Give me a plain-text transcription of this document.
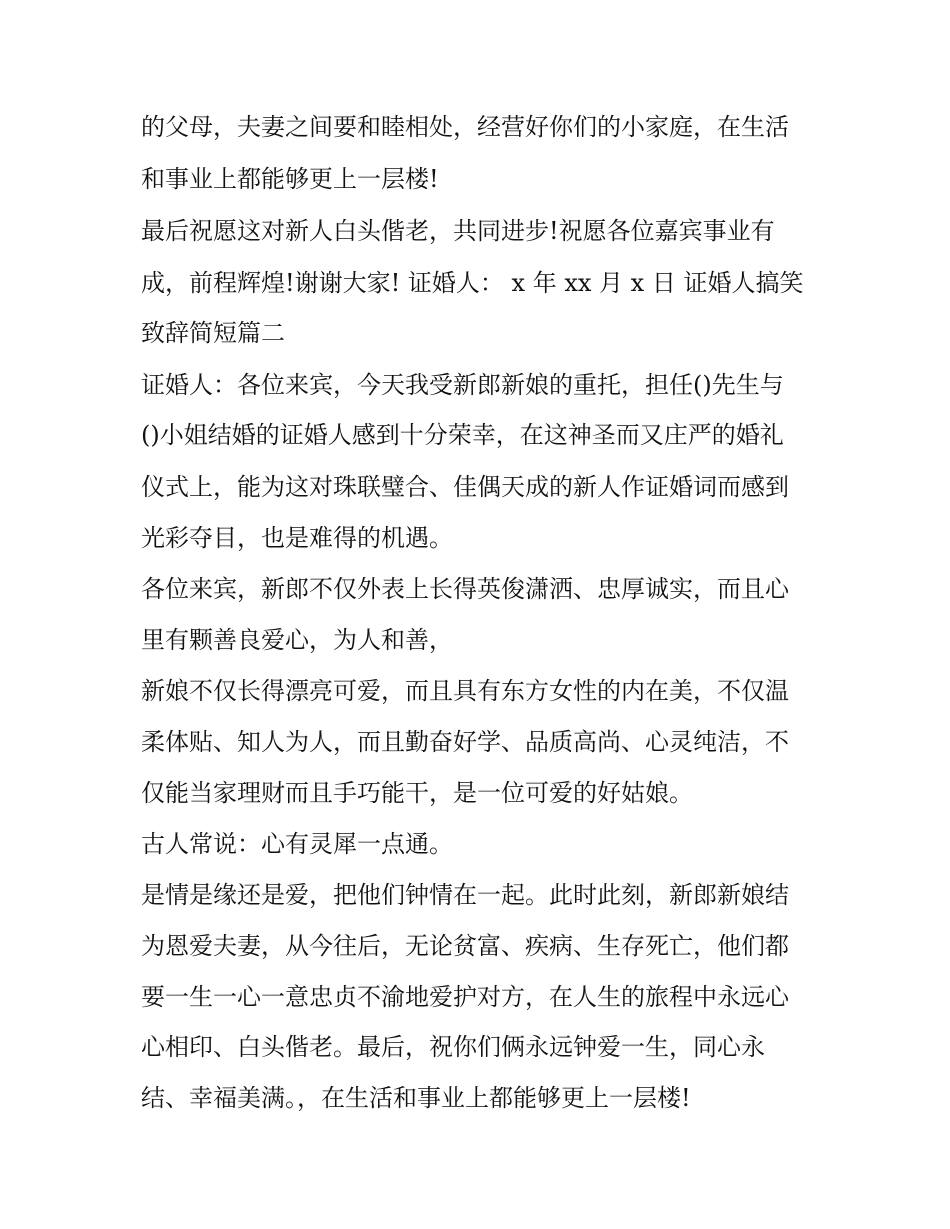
的父母，夫妻之间要和睦相处，经营好你们的小家庭，在生活

和事业上都能够更上一层楼!

最后祝愿这对新人白头偕老，共同进步!祝愿各位嘉宾事业有

成，前程辉煌!谢谢大家! 证婚人： x 年 xx 月 x 日 证婚人搞笑

致辞简短篇二

证婚人：各位来宾，今天我受新郎新娘的重托，担任()先生与

()小姐结婚的证婚人感到十分荣幸，在这神圣而又庄严的婚礼

仪式上，能为这对珠联璧合、佳偶天成的新人作证婚词而感到

光彩夺目，也是难得的机遇。

各位来宾，新郎不仅外表上长得英俊潇洒、忠厚诚实，而且心

里有颗善良爱心，为人和善，

新娘不仅长得漂亮可爱，而且具有东方女性的内在美，不仅温

柔体贴、知人为人，而且勤奋好学、品质高尚、心灵纯洁，不

仅能当家理财而且手巧能干，是一位可爱的好姑娘。

古人常说：心有灵犀一点通。

是情是缘还是爱，把他们钟情在一起。此时此刻，新郎新娘结

为恩爱夫妻，从今往后，无论贫富、疾病、生存死亡，他们都

要一生一心一意忠贞不渝地爱护对方，在人生的旅程中永远心

心相印、白头偕老。最后，祝你们俩永远钟爱一生，同心永

结、幸福美满。，在生活和事业上都能够更上一层楼!
